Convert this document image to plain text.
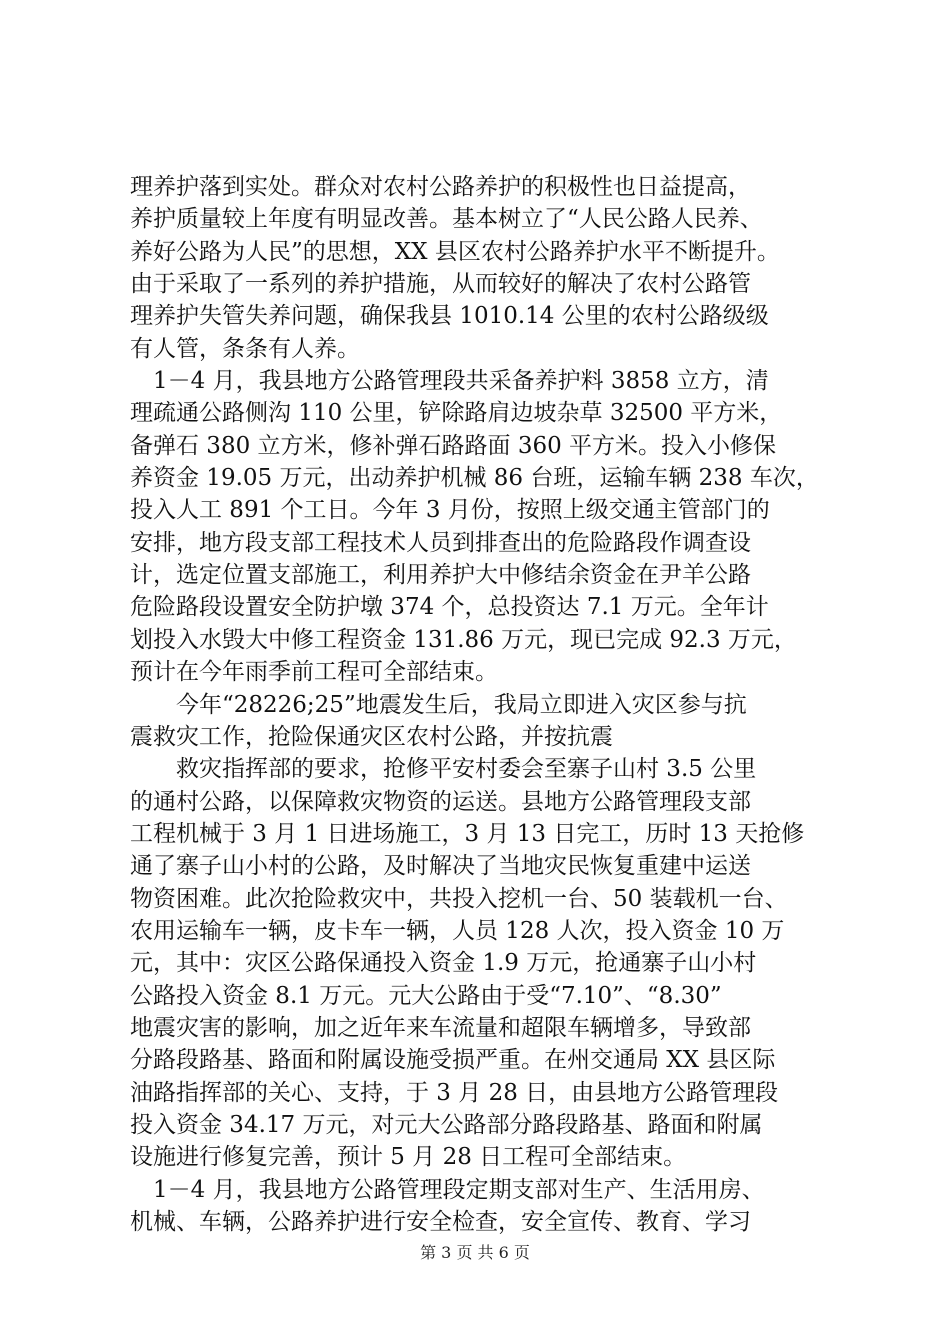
理养护落到实处。群众对农村公路养护的积极性也日益提高，
养护质量较上年度有明显改善。基本树立了“人民公路人民养、
养好公路为人民”的思想，XX 县区农村公路养护水平不断提升。
由于采取了一系列的养护措施，从而较好的解决了农村公路管
理养护失管失养问题，确保我县 1010.14 公里的农村公路级级
有人管，条条有人养。
　1－4 月，我县地方公路管理段共采备养护料 3858 立方，清
理疏通公路侧沟 110 公里，铲除路肩边坡杂草 32500 平方米，
备弹石 380 立方米，修补弹石路路面 360 平方米。投入小修保
养资金 19.05 万元，出动养护机械 86 台班，运输车辆 238 车次，
投入人工 891 个工日。今年 3 月份，按照上级交通主管部门的
安排，地方段支部工程技术人员到排查出的危险路段作调查设
计，选定位置支部施工，利用养护大中修结余资金在尹羊公路
危险路段设置安全防护墩 374 个，总投资达 7.1 万元。全年计
划投入水毁大中修工程资金 131.86 万元，现已完成 92.3 万元，
预计在今年雨季前工程可全部结束。
　　今年“28226;25”地震发生后，我局立即进入灾区参与抗
震救灾工作，抢险保通灾区农村公路，并按抗震
　　救灾指挥部的要求，抢修平安村委会至寨子山村 3.5 公里
的通村公路，以保障救灾物资的运送。县地方公路管理段支部
工程机械于 3 月 1 日进场施工，3 月 13 日完工，历时 13 天抢修
通了寨子山小村的公路，及时解决了当地灾民恢复重建中运送
物资困难。此次抢险救灾中，共投入挖机一台、50 装载机一台、
农用运输车一辆，皮卡车一辆，人员 128 人次，投入资金 10 万
元，其中：灾区公路保通投入资金 1.9 万元，抢通寨子山小村
公路投入资金 8.1 万元。元大公路由于受“7.10”、“8.30”
地震灾害的影响，加之近年来车流量和超限车辆增多，导致部
分路段路基、路面和附属设施受损严重。在州交通局 XX 县区际
油路指挥部的关心、支持，于 3 月 28 日，由县地方公路管理段
投入资金 34.17 万元，对元大公路部分路段路基、路面和附属
设施进行修复完善，预计 5 月 28 日工程可全部结束。
　1－4 月，我县地方公路管理段定期支部对生产、生活用房、
机械、车辆，公路养护进行安全检查，安全宣传、教育、学习
第 3 页 共 6 页
